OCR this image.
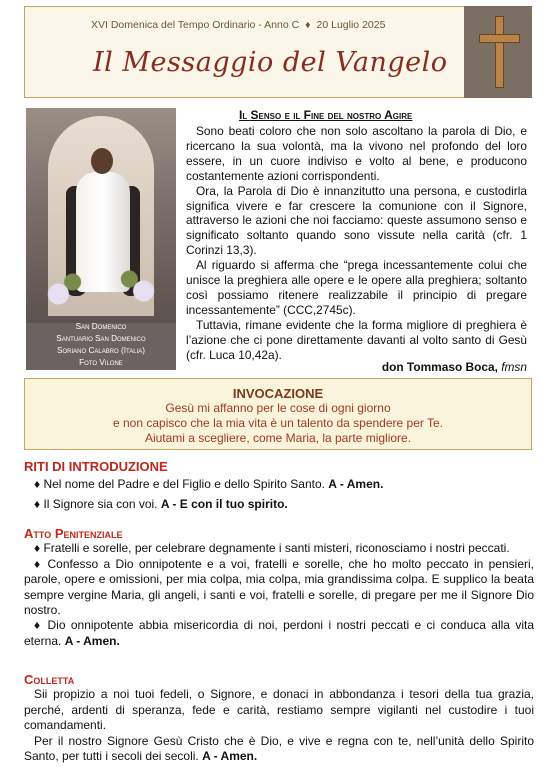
XVI Domenica del Tempo Ordinario - Anno C ♦ 20 Luglio 2025
Il Messaggio del Vangelo
San Domenico
Santuario San Domenico
Soriano Calabro (Italia)
Foto Vilone
Il Senso e il Fine del nostro Agire

Sono beati coloro che non solo ascoltano la parola di Dio, e ricercano la sua volontà, ma la vivono nel profondo del loro essere, in un cuore indiviso e volto al bene, e producono costantemente azioni corrispondenti.

Ora, la Parola di Dio è innanzitutto una persona, e custodirla significa vivere e far crescere la comunione con il Signore, attraverso le azioni che noi facciamo: queste assumono senso e significato soltanto quando sono vissute nella carità (cfr. 1 Corinzi 13,3).

Al riguardo si afferma che “prega incessantemente colui che unisce la preghiera alle opere e le opere alla preghiera; soltanto così possiamo ritenere realizzabile il principio di pregare incessantemente” (CCC,2745c).

Tuttavia, rimane evidente che la forma migliore di preghiera è l’azione che ci pone direttamente davanti al volto santo di Gesù (cfr. Luca 10,42a).

don Tommaso Boca, fmsn
INVOCAZIONE
Gesù mi affanno per le cose di ogni giorno
e non capisco che la mia vita è un talento da spendere per Te.
Aiutami a scegliere, come Maria, la parte migliore.
RITI DI INTRODUZIONE

♦ Nel nome del Padre e del Figlio e dello Spirito Santo. A - Amen.

♦ Il Signore sia con voi. A - E con il tuo spirito.

Atto Penitenziale

♦ Fratelli e sorelle, per celebrare degnamente i santi misteri, riconosciamo i nostri peccati.

♦ Confesso a Dio onnipotente e a voi, fratelli e sorelle, che ho molto peccato in pensieri, parole, opere e omissioni, per mia colpa, mia colpa, mia grandissima colpa. E supplico la beata sempre vergine Maria, gli angeli, i santi e voi, fratelli e sorelle, di pregare per me il Signore Dio nostro.

♦ Dio onnipotente abbia misericordia di noi, perdoni i nostri peccati e ci conduca alla vita eterna. A - Amen.

Colletta

Sii propizio a noi tuoi fedeli, o Signore, e donaci in abbondanza i tesori della tua grazia, perché, ardenti di speranza, fede e carità, restiamo sempre vigilanti nel custodire i tuoi comandamenti.

Per il nostro Signore Gesù Cristo che è Dio, e vive e regna con te, nell’unità dello Spirito Santo, per tutti i secoli dei secoli. A - Amen.
